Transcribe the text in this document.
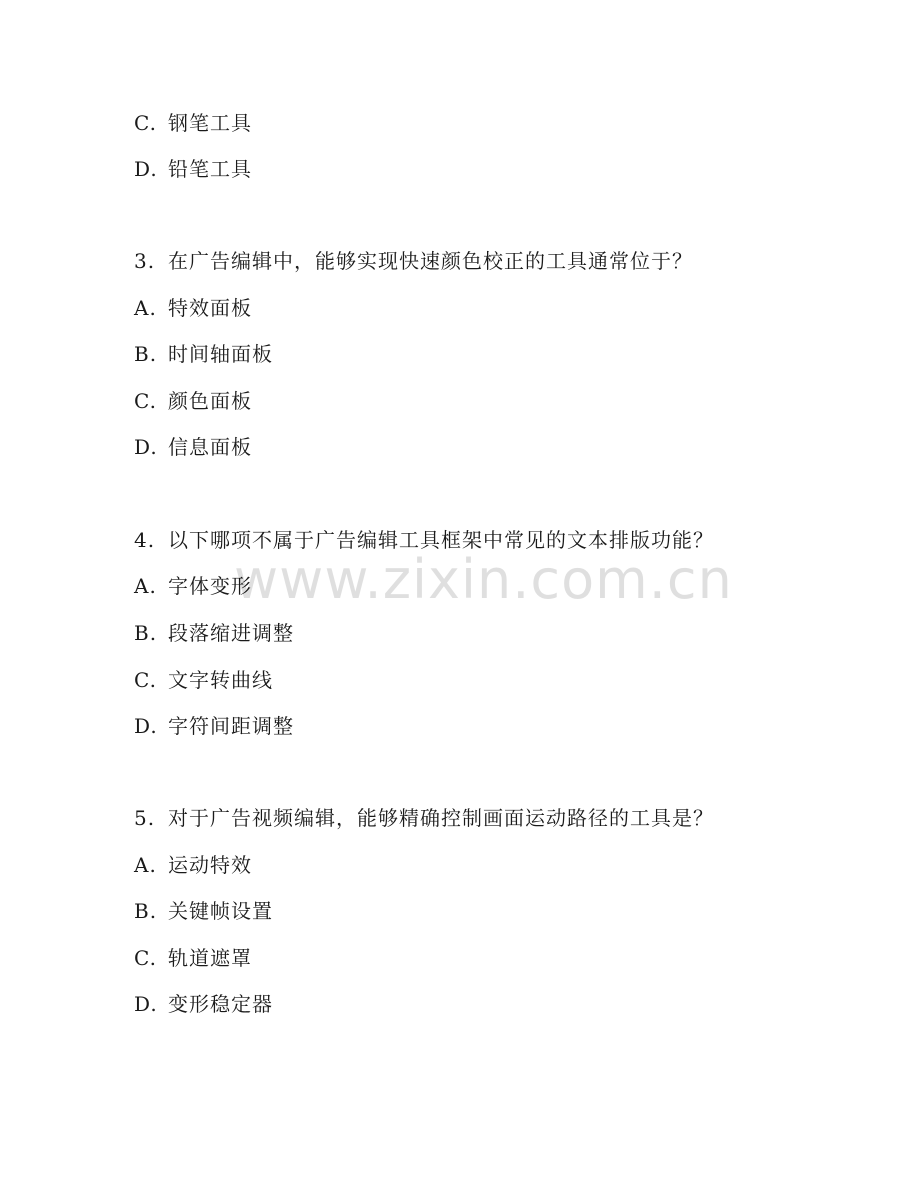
C. 钢笔工具
D. 铅笔工具
3. 在广告编辑中，能够实现快速颜色校正的工具通常位于？
A. 特效面板
B. 时间轴面板
C. 颜色面板
D. 信息面板
4. 以下哪项不属于广告编辑工具框架中常见的文本排版功能？
A. 字体变形
B. 段落缩进调整
C. 文字转曲线
D. 字符间距调整
5. 对于广告视频编辑，能够精确控制画面运动路径的工具是？
A. 运动特效
B. 关键帧设置
C. 轨道遮罩
D. 变形稳定器
www.zixin.com.cn
